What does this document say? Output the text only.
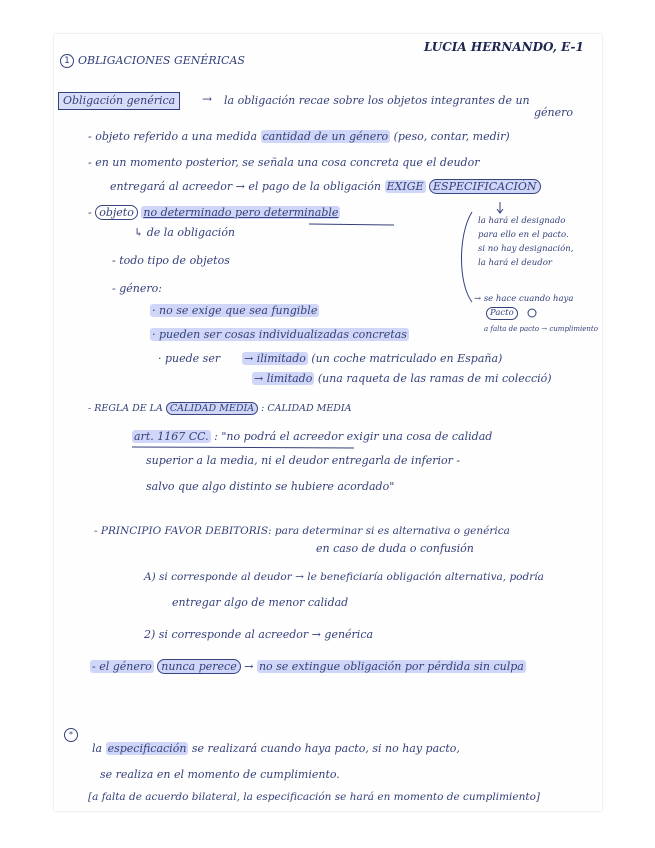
1 OBLIGACIONES GENÉRICAS
LUCIA HERNANDO, E-1
Obligación genérica	→ la obligación recae sobre los objetos integrantes de un
género
- objeto referido a una medida cantidad de un género (peso, contar, medir)
- en un momento posterior, se señala una cosa concreta que el deudor
entregará al acreedor → el pago de la obligación EXIGE ESPECIFICACIÓN
- objeto no determinado pero determinable
↳ de la obligación
- todo tipo de objetos
- género:
la hará el designado
para ello en el pacto.
si no hay designación,
la hará el deudor
→ se hace cuando haya
Pacto
a falta de pacto → cumplimiento
· no se exige que sea fungible
· pueden ser cosas individualizadas concretas
· puede ser → ilimitado (un coche matriculado en España)
→ limitado (una raqueta de las ramas de mi colecció)
- REGLA DE LA CALIDAD MEDIA : CALIDAD MEDIA
art. 1167 CC. : "no podrá el acreedor exigir una cosa de calidad
superior a la media, ni el deudor entregarla de inferior -
salvo que algo distinto se hubiere acordado"
- PRINCIPIO FAVOR DEBITORIS: para determinar si es alternativa o genérica
en caso de duda o confusión
A) si corresponde al deudor → le beneficiaría obligación alternativa, podría
entregar algo de menor calidad
2) si corresponde al acreedor → genérica
- el género nunca perece → no se extingue obligación por pérdida sin culpa
*
la especificación se realizará cuando haya pacto, si no hay pacto,
se realiza en el momento de cumplimiento.
[a falta de acuerdo bilateral, la especificación se hará en momento de cumplimiento]
